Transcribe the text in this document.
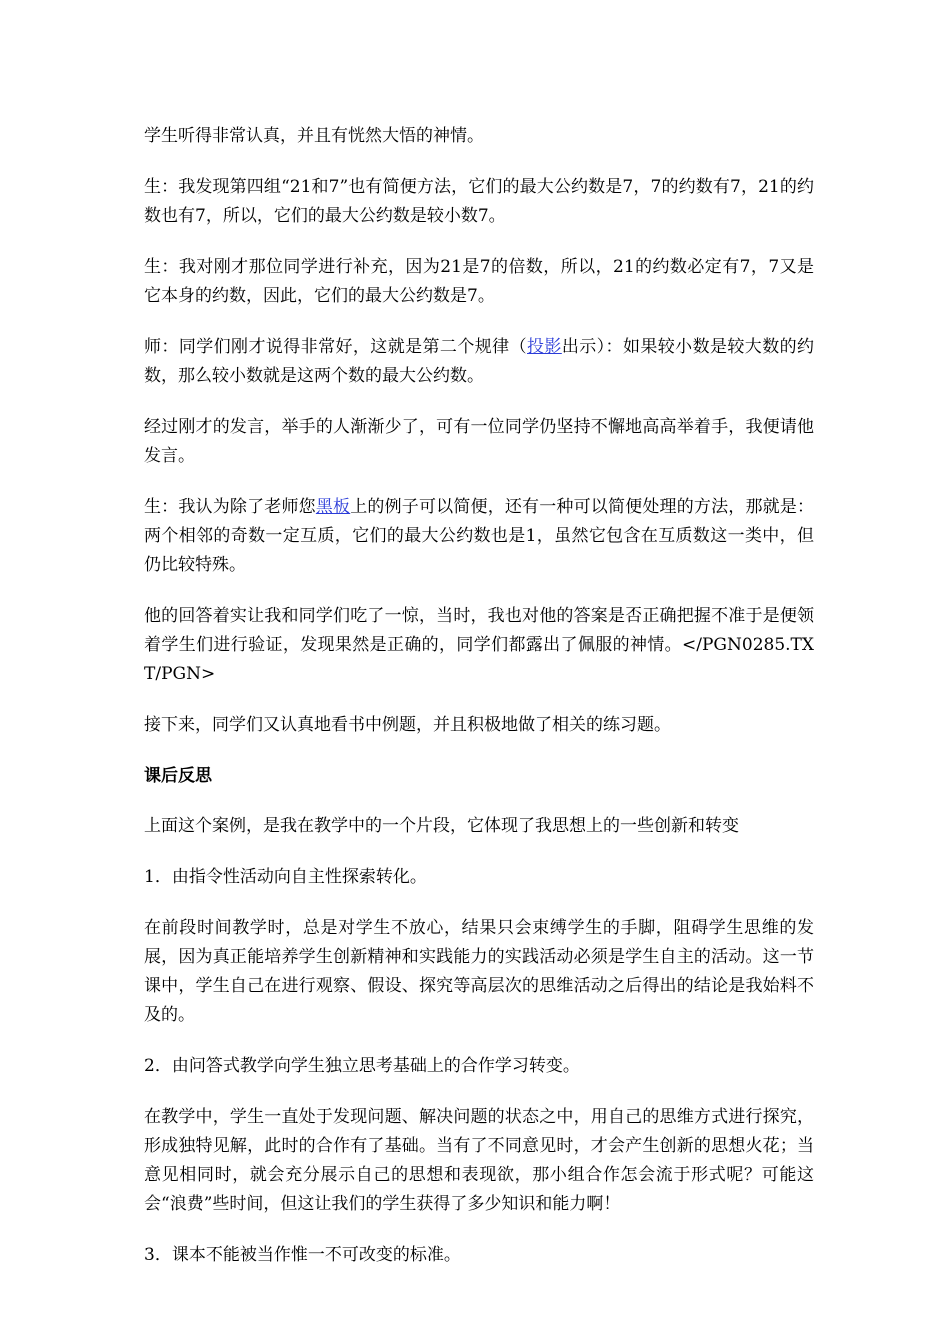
学生听得非常认真，并且有恍然大悟的神情。

生：我发现第四组“21和7”也有简便方法，它们的最大公约数是7，7的约数有7，21的约数也有7，所以，它们的最大公约数是较小数7。

生：我对刚才那位同学进行补充，因为21是7的倍数，所以，21的约数必定有7，7又是它本身的约数，因此，它们的最大公约数是7。

师：同学们刚才说得非常好，这就是第二个规律（投影出示）：如果较小数是较大数的约数，那么较小数就是这两个数的最大公约数。

经过刚才的发言，举手的人渐渐少了，可有一位同学仍坚持不懈地高高举着手，我便请他发言。

生：我认为除了老师您黑板上的例子可以简便，还有一种可以简便处理的方法，那就是：两个相邻的奇数一定互质，它们的最大公约数也是1，虽然它包含在互质数这一类中，但仍比较特殊。

他的回答着实让我和同学们吃了一惊，当时，我也对他的答案是否正确把握不准于是便领着学生们进行验证，发现果然是正确的，同学们都露出了佩服的神情。</PGN0285.TXT/PGN>

接下来，同学们又认真地看书中例题，并且积极地做了相关的练习题。

课后反思

上面这个案例，是我在教学中的一个片段，它体现了我思想上的一些创新和转变

1．由指令性活动向自主性探索转化。

在前段时间教学时，总是对学生不放心，结果只会束缚学生的手脚，阻碍学生思维的发展，因为真正能培养学生创新精神和实践能力的实践活动必须是学生自主的活动。这一节课中，学生自己在进行观察、假设、探究等高层次的思维活动之后得出的结论是我始料不及的。

2．由问答式教学向学生独立思考基础上的合作学习转变。

在教学中，学生一直处于发现问题、解决问题的状态之中，用自己的思维方式进行探究，形成独特见解，此时的合作有了基础。当有了不同意见时，才会产生创新的思想火花；当意见相同时，就会充分展示自己的思想和表现欲，那小组合作怎会流于形式呢？可能这会“浪费”些时间，但这让我们的学生获得了多少知识和能力啊！

3．课本不能被当作惟一不可改变的标准。
